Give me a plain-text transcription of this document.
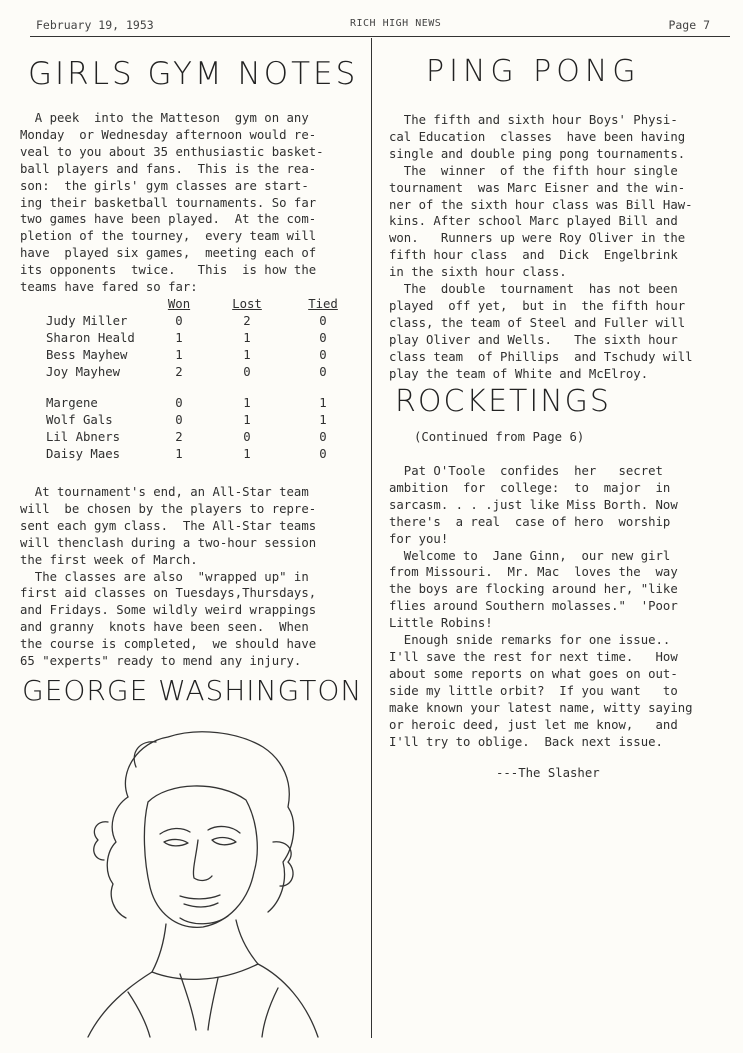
February 19, 1953	RICH HIGH NEWS	Page 7
GIRLS GYM NOTES
A peek  into the Matteson  gym on any
Monday  or Wednesday afternoon would re-
veal to you about 35 enthusiastic basket-
ball players and fans.  This is the rea-
son:  the girls' gym classes are start-
ing their basketball tournaments. So far
two games have been played.  At the com-
pletion of the tourney,  every team will
have  played six games,  meeting each of
its opponents  twice.   This  is how the
teams have fared so far:
	Won		Lost		Tied
Judy Miller	0		2		0
Sharon Heald	1		1		0
Bess Mayhew	1		1		0
Joy Mayhew	2		0		0

Margene	0		1		1
Wolf Gals	0		1		1
Lil Abners	2		0		0
Daisy Maes	1		1		0
At tournament's end, an All-Star team
will  be chosen by the players to repre-
sent each gym class.  The All-Star teams
will thenclash during a two-hour session
the first week of March.
The classes are also  "wrapped up" in
first aid classes on Tuesdays,Thursdays,
and Fridays. Some wildly weird wrappings
and granny  knots have been seen.  When
the course is completed,  we should have
65 "experts" ready to mend any injury.
GEORGE WASHINGTON
PING PONG
The fifth and sixth hour Boys' Physi-
cal Education  classes  have been having
single and double ping pong tournaments.
The  winner  of the fifth hour single
tournament  was Marc Eisner and the win-
ner of the sixth hour class was Bill Haw-
kins. After school Marc played Bill and
won.   Runners up were Roy Oliver in the
fifth hour class  and  Dick  Engelbrink
in the sixth hour class.
The  double  tournament  has not been
played  off yet,  but in  the fifth hour
class, the team of Steel and Fuller will
play Oliver and Wells.   The sixth hour
class team  of Phillips  and Tschudy will
play the team of White and McElroy.
ROCKETINGS
(Continued from Page 6)
Pat O'Toole  confides  her   secret
ambition  for  college:  to  major  in
sarcasm. . . .just like Miss Borth. Now
there's  a real  case of hero  worship
for you!
Welcome to  Jane Ginn,  our new girl
from Missouri.  Mr. Mac  loves the  way
the boys are flocking around her, "like
flies around Southern molasses."  'Poor
Little Robins!
Enough snide remarks for one issue..
I'll save the rest for next time.   How
about some reports on what goes on out-
side my little orbit?  If you want   to
make known your latest name, witty saying
or heroic deed, just let me know,   and
I'll try to oblige.  Back next issue.
---The Slasher
